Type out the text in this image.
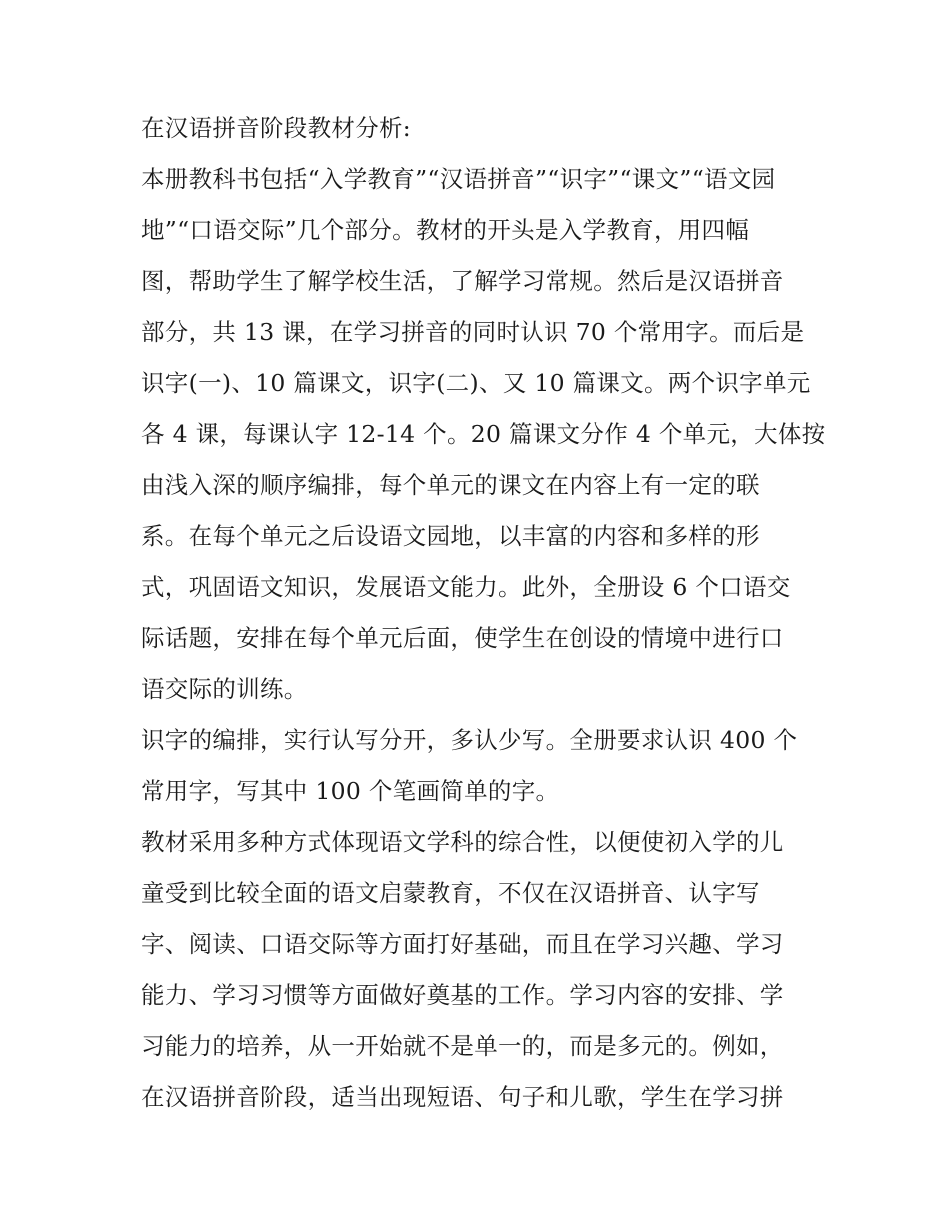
在汉语拼音阶段教材分析:
本册教科书包括“入学教育”“汉语拼音”“识字”“课文”“语文园
地”“口语交际”几个部分。教材的开头是入学教育，用四幅
图，帮助学生了解学校生活，了解学习常规。然后是汉语拼音
部分，共 13 课，在学习拼音的同时认识 70 个常用字。而后是
识字(一)、10 篇课文，识字(二)、又 10 篇课文。两个识字单元
各 4 课，每课认字 12-14 个。20 篇课文分作 4 个单元，大体按
由浅入深的顺序编排，每个单元的课文在内容上有一定的联
系。在每个单元之后设语文园地，以丰富的内容和多样的形
式，巩固语文知识，发展语文能力。此外，全册设 6 个口语交
际话题，安排在每个单元后面，使学生在创设的情境中进行口
语交际的训练。
识字的编排，实行认写分开，多认少写。全册要求认识 400 个
常用字，写其中 100 个笔画简单的字。
教材采用多种方式体现语文学科的综合性，以便使初入学的儿
童受到比较全面的语文启蒙教育，不仅在汉语拼音、认字写
字、阅读、口语交际等方面打好基础，而且在学习兴趣、学习
能力、学习习惯等方面做好奠基的工作。学习内容的安排、学
习能力的培养，从一开始就不是单一的，而是多元的。例如，
在汉语拼音阶段，适当出现短语、句子和儿歌，学生在学习拼
